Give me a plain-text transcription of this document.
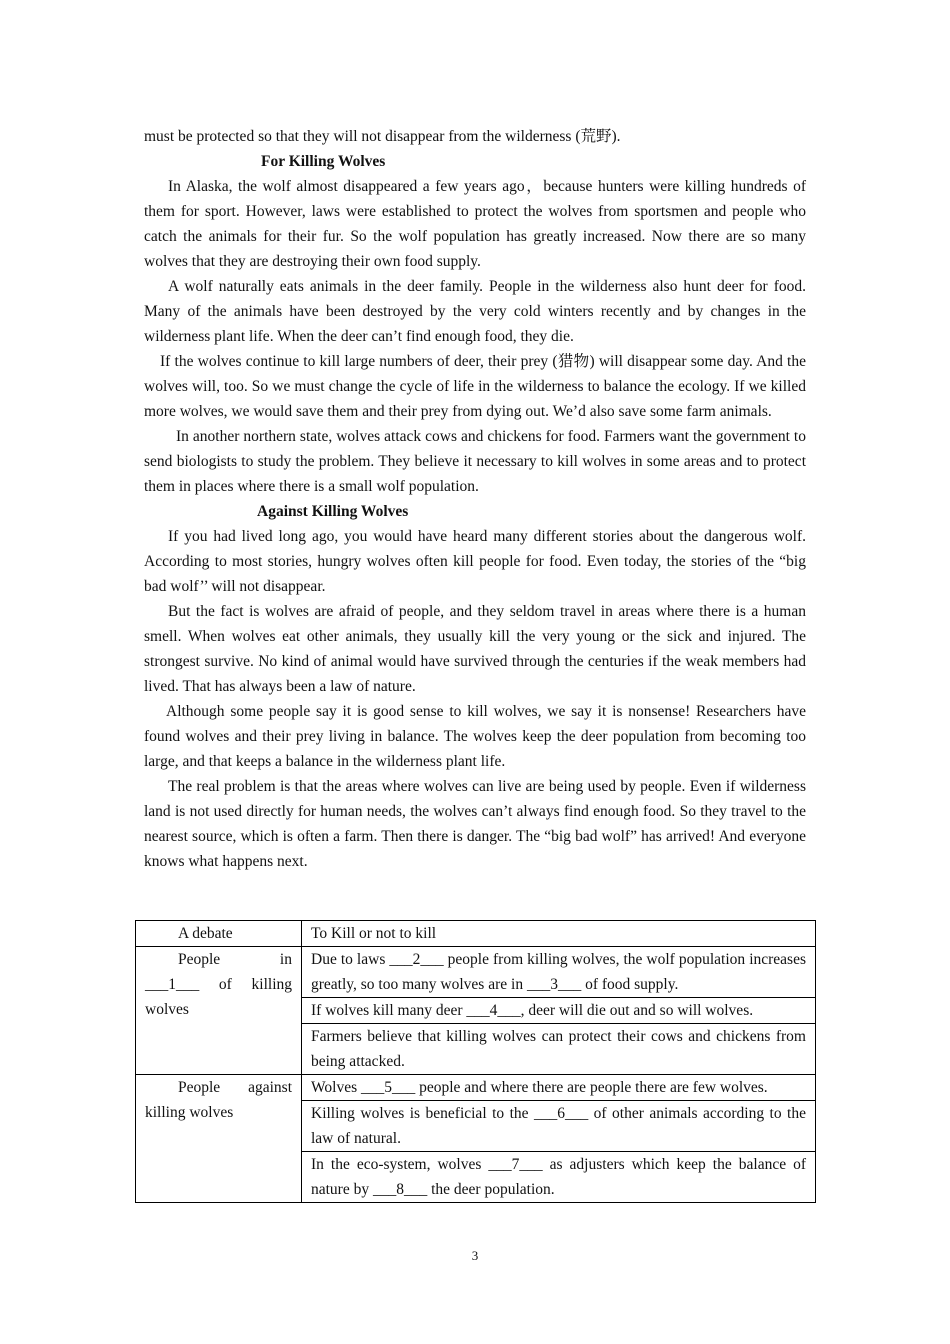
must be protected so that they will not disappear from the wilderness (荒野).

For Killing Wolves

In Alaska, the wolf almost disappeared a few years ago，because hunters were killing hundreds of them for sport. However, laws were established to protect the wolves from sportsmen and people who catch the animals for their fur. So the wolf population has greatly increased. Now there are so many wolves that they are destroying their own food supply.

A wolf naturally eats animals in the deer family. People in the wilderness also hunt deer for food. Many of the animals have been destroyed by the very cold winters recently and by changes in the wilderness plant life. When the deer can’t find enough food, they die.

If the wolves continue to kill large numbers of deer, their prey (猎物) will disappear some day. And the wolves will, too. So we must change the cycle of life in the wilderness to balance the ecology. If we killed more wolves, we would save them and their prey from dying out. We’d also save some farm animals.

In another northern state, wolves attack cows and chickens for food. Farmers want the government to send biologists to study the problem. They believe it necessary to kill wolves in some areas and to protect them in places where there is a small wolf population.

Against Killing Wolves

If you had lived long ago, you would have heard many different stories about the dangerous wolf. According to most stories, hungry wolves often kill people for food. Even today, the stories of the “big bad wolf’’ will not disappear.

But the fact is wolves are afraid of people, and they seldom travel in areas where there is a human smell. When wolves eat other animals, they usually kill the very young or the sick and injured. The strongest survive. No kind of animal would have survived through the centuries if the weak members had lived. That has always been a law of nature.

Although some people say it is good sense to kill wolves, we say it is nonsense! Researchers have found wolves and their prey living in balance. The wolves keep the deer population from becoming too large, and that keeps a balance in the wilderness plant life.

The real problem is that the areas where wolves can live are being used by people. Even if wilderness land is not used directly for human needs, the wolves can’t always find enough food. So they travel to the nearest source, which is often a farm. Then there is danger. The “big bad wolf” has arrived! And everyone knows what happens next.

A debate	To Kill or not to kill

People in ___1___ of killing wolves	Due to laws ___2___ people from killing wolves, the wolf population increases greatly, so too many wolves are in ___3___ of food supply.
	If wolves kill many deer ___4___, deer will die out and so will wolves.
	Farmers believe that killing wolves can protect their cows and chickens from being attacked.

People against killing wolves	Wolves ___5___ people and where there are people there are few wolves.
	Killing wolves is beneficial to the ___6___ of other animals according to the law of natural.
	In the eco-system, wolves ___7___ as adjusters which keep the balance of nature by ___8___ the deer population.
3
